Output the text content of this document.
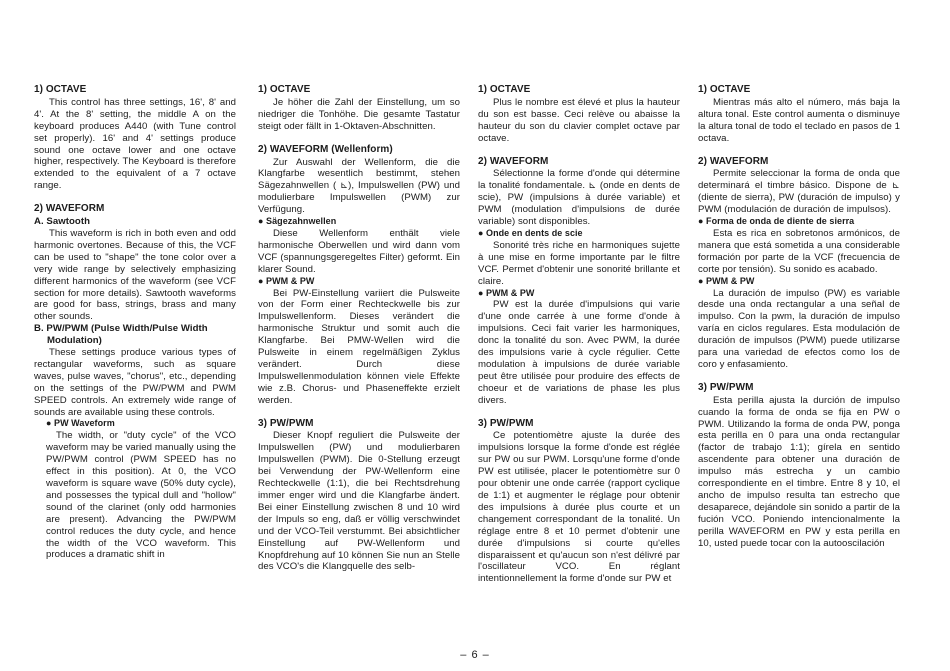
1) OCTAVE

This control has three settings, 16', 8' and 4'. At the 8' setting, the middle A on the keyboard produces A440 (with Tune control set properly). 16' and 4' settings produce sound one octave lower and one octave higher, respectively. The Keyboard is therefore extended to the equivalent of a 7 octave range.

2) WAVEFORM
A. Sawtooth

This waveform is rich in both even and odd harmonic overtones. Because of this, the VCF can be used to "shape" the tone color over a very wide range by selectively emphasizing different harmonics of the waveform (see VCF section for more details). Sawtooth waveforms are good for bass, strings, brass and many other sounds.

B. PW/PWM (Pulse Width/Pulse Width
Modulation)

These settings produce various types of rectangular waveforms, such as square waves, pulse waves, "chorus", etc., depending on the settings of the PW/PWM and PWM SPEED controls. An extremely wide range of sounds are available using these controls.

● PW Waveform

The width, or "duty cycle" of the VCO waveform may be varied manually using the PW/PWM control (PWM SPEED has no effect in this position). At 0, the VCO waveform is square wave (50% duty cycle), and possesses the typical dull and "hollow" sound of the clarinet (only odd harmonies are present). Advancing the PW/PWM control reduces the duty cycle, and hence the width of the VCO waveform. This produces a dramatic shift in

1) OCTAVE

Je höher die Zahl der Einstellung, um so niedriger die Tonhöhe. Die gesamte Tastatur steigt oder fällt in 1-Oktaven-Abschnitten.

2) WAVEFORM (Wellenform)

Zur Auswahl der Wellenform, die die Klangfarbe wesentlich bestimmt, stehen Sägezahnwellen ( ⊾), Impulswellen (PW) und modulierbare Impulswellen (PWM) zur Verfügung.

● Sägezahnwellen

Diese Wellenform enthält viele harmonische Oberwellen und wird dann vom VCF (spannungsgeregeltes Filter) geformt. Ein klarer Sound.

● PWM & PW

Bei PW-Einstellung variiert die Pulsweite von der Form einer Rechteckwelle bis zur Impulswellenform. Dieses verändert die harmonische Struktur und somit auch die Klangfarbe. Bei PMW-Wellen wird die Pulsweite in einem regelmäßigen Zyklus verändert. Durch diese Impulswellenmodulation können viele Effekte wie z.B. Chorus- und Phaseneffekte erzielt werden.

3) PW/PWM

Dieser Knopf reguliert die Pulsweite der Impulswellen (PW) und modulierbaren Impulswellen (PWM). Die 0-Stellung erzeugt bei Verwendung der PW-Wellenform eine Rechteckwelle (1:1), die bei Rechtsdrehung immer enger wird und die Klangfarbe ändert. Bei einer Einstellung zwischen 8 und 10 wird der Impuls so eng, daß er völlig verschwindet und der VCO-Teil verstummt. Bei absichtlicher Einstellung auf PW-Wellenform und Knopfdrehung auf 10 können Sie nun an Stelle des VCO's die Klangquelle des selb-

1) OCTAVE

Plus le nombre est élevé et plus la hauteur du son est basse. Ceci relève ou abaisse la hauteur du son du clavier complet octave par octave.

2) WAVEFORM

Sélectionne la forme d'onde qui détermine la tonalité fondamentale. ⊾ (onde en dents de scie), PW (impulsions à durée variable) et PWM (modulation d'impulsions de durée variable) sont disponibles.

● Onde en dents de scie

Sonorité très riche en harmoniques sujette à une mise en forme importante par le filtre VCF. Permet d'obtenir une sonorité brillante et claire.

● PWM & PW

PW est la durée d'impulsions qui varie d'une onde carrée à une forme d'onde à impulsions. Ceci fait varier les harmoniques, donc la tonalité du son. Avec PWM, la durée des impulsions varie à cycle régulier. Cette modulation à impulsions de durée variable peut être utilisée pour produire des effects de choeur et de variations de phase les plus divers.

3) PW/PWM

Ce potentiomètre ajuste la durée des impulsions lorsque la forme d'onde est réglée sur PW ou sur PWM. Lorsqu'une forme d'onde PW est utilisée, placer le potentiomètre sur 0 pour obtenir une onde carrée (rapport cyclique de 1:1) et augmenter le réglage pour obtenir des impulsions à durée plus courte et un changement correspondant de la tonalité. Un réglage entre 8 et 10 permet d'obtenir une durée d'impulsions si courte qu'elles disparaissent et qu'aucun son n'est délivré par l'oscillateur VCO. En réglant intentionnellement la forme d'onde sur PW et

1) OCTAVE

Mientras más alto el número, más baja la altura tonal. Este control aumenta o disminuye la altura tonal de todo el teclado en pasos de 1 octava.

2) WAVEFORM

Permite seleccionar la forma de onda que determinará el timbre básico. Dispone de ⊾ (diente de sierra), PW (duración de impulso) y PWM (modulación de duración de impulsos).

● Forma de onda de diente de sierra

Esta es rica en sobretonos armónicos, de manera que está sometida a una considerable formación por parte de la VCF (frecuencia de corte por tensión). Su sonido es acabado.

● PWM & PW

La duración de impulso (PW) es variable desde una onda rectangular a una señal de impulso. Con la pwm, la duración de impulso varía en ciclos regulares. Esta modulación de duración de impulsos (PWM) puede utilizarse para una variedad de efectos como los de coro y enfasamiento.

3) PW/PWM

Esta perilla ajusta la durción de impulso cuando la forma de onda se fija en PW o PWM. Utilizando la forma de onda PW, ponga esta perilla en 0 para una onda rectangular (factor de trabajo 1:1); gírela en sentido ascendente para obtener una duración de impulso más estrecha y un cambio correspondiente en el timbre. Entre 8 y 10, el ancho de impulso resulta tan estrecho que desaparece, dejándole sin sonido a partir de la fución VCO. Poniendo intencionalmente la perilla WAVEFORM en PW y esta perilla en 10, usted puede tocar con la autooscilación

– 6 –
